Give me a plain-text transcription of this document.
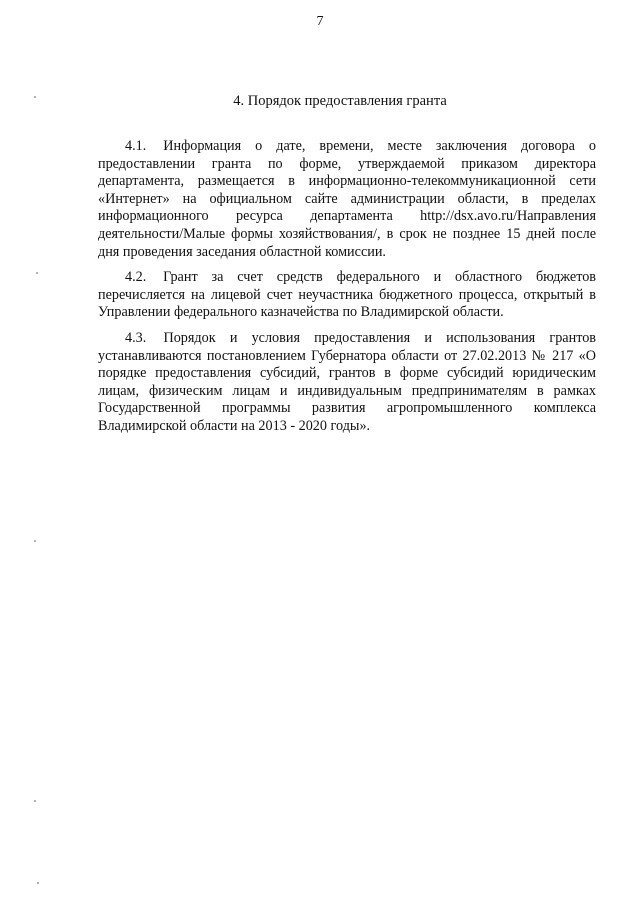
7
4. Порядок предоставления гранта

4.1. Информация о дате, времени, месте заключения договора о предоставлении гранта по форме, утверждаемой приказом директора департамента, размещается в информационно-телекоммуникационной сети «Интернет» на официальном сайте администрации области, в пределах информационного ресурса департамента http://dsx.avo.ru/Направления деятельности/Малые формы хозяйствования/, в срок не позднее 15 дней после дня проведения заседания областной комиссии.

4.2. Грант за счет средств федерального и областного бюджетов перечисляется на лицевой счет неучастника бюджетного процесса, открытый в Управлении федерального казначейства по Владимирской области.

4.3. Порядок и условия предоставления и использования грантов устанавливаются постановлением Губернатора области от 27.02.2013 № 217 «О порядке предоставления субсидий, грантов в форме субсидий юридическим лицам, физическим лицам и индивидуальным предпринимателям в рамках Государственной программы развития агропромышленного комплекса Владимирской области на 2013 - 2020 годы».
